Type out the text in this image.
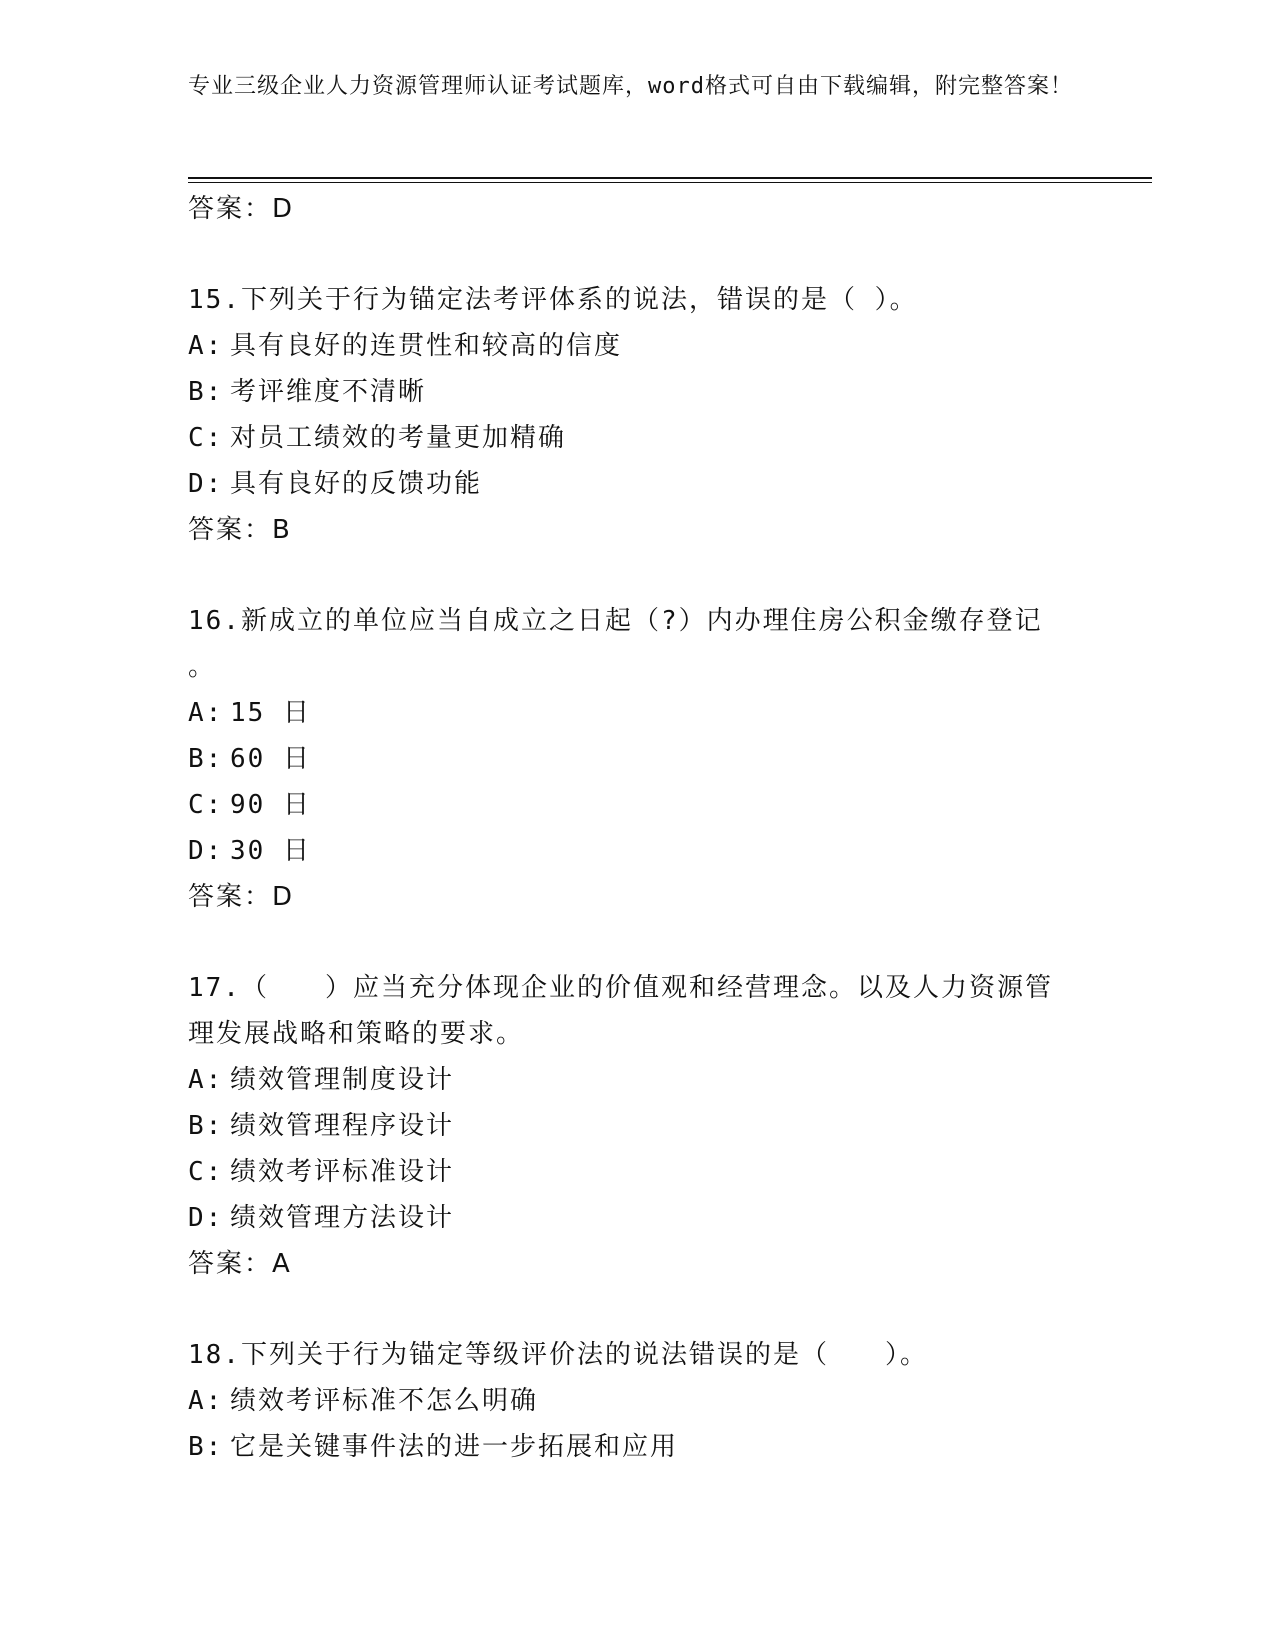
专业三级企业人力资源管理师认证考试题库，word格式可自由下载编辑，附完整答案！
答案：D
15.下列关于行为锚定法考评体系的说法，错误的是（ ）。
A: 具有良好的连贯性和较高的信度
B: 考评维度不清晰
C: 对员工绩效的考量更加精确
D: 具有良好的反馈功能
答案：B
16.新成立的单位应当自成立之日起（?）内办理住房公积金缴存登记
。
A: 15 日
B: 60 日
C: 90 日
D: 30 日
答案：D
17.（　　）应当充分体现企业的价值观和经营理念。以及人力资源管
理发展战略和策略的要求。
A: 绩效管理制度设计
B: 绩效管理程序设计
C: 绩效考评标准设计
D: 绩效管理方法设计
答案：A
18.下列关于行为锚定等级评价法的说法错误的是（　　）。
A: 绩效考评标准不怎么明确
B: 它是关键事件法的进一步拓展和应用
